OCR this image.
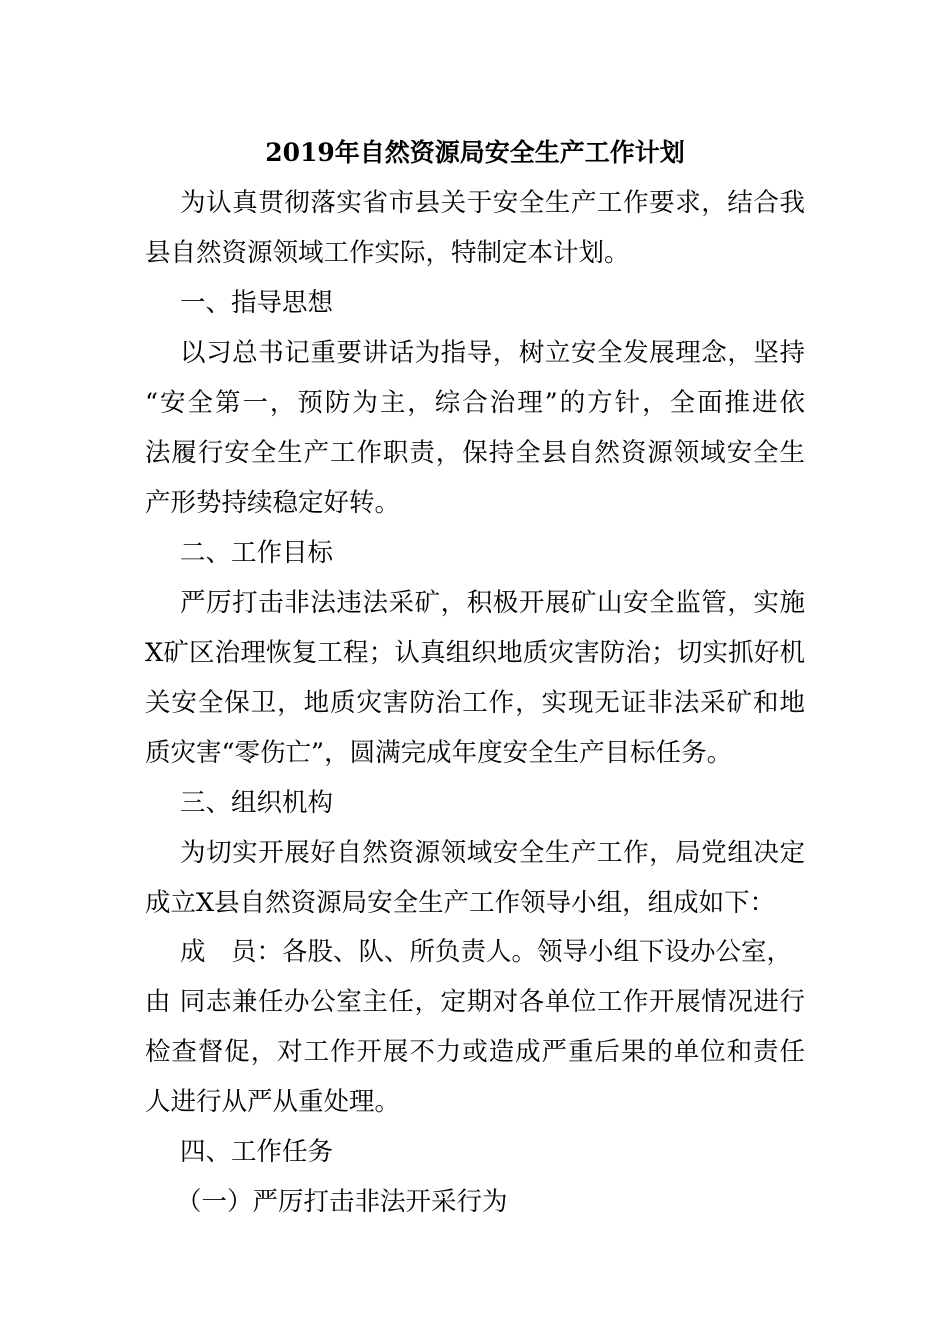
2019年自然资源局安全生产工作计划
为认真贯彻落实省市县关于安全生产工作要求，结合我
县自然资源领域工作实际，特制定本计划。
一、指导思想
以习总书记重要讲话为指导，树立安全发展理念，坚持
“安全第一，预防为主，综合治理”的方针，全面推进依
法履行安全生产工作职责，保持全县自然资源领域安全生
产形势持续稳定好转。
二、工作目标
严厉打击非法违法采矿，积极开展矿山安全监管，实施
X矿区治理恢复工程；认真组织地质灾害防治；切实抓好机
关安全保卫，地质灾害防治工作，实现无证非法采矿和地
质灾害“零伤亡”，圆满完成年度安全生产目标任务。
三、组织机构
为切实开展好自然资源领域安全生产工作，局党组决定
成立X县自然资源局安全生产工作领导小组，组成如下：
成　员：各股、队、所负责人。领导小组下设办公室，
由 同志兼任办公室主任，定期对各单位工作开展情况进行
检查督促，对工作开展不力或造成严重后果的单位和责任
人进行从严从重处理。
四、工作任务
（一）严厉打击非法开采行为
